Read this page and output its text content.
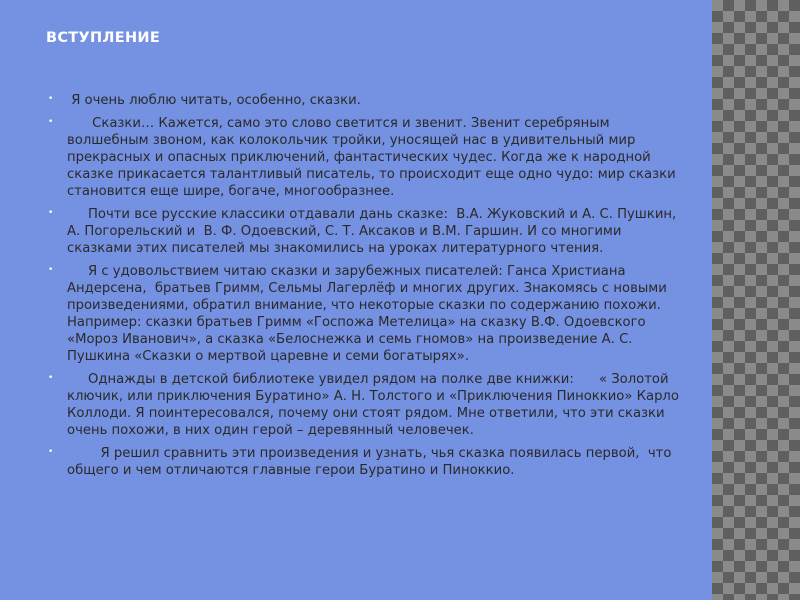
ВСТУПЛЕНИЕ
• Я очень люблю читать, особенно, сказки.
• Сказки… Кажется, само это слово светится и звенит. Звенит серебряным волшебным звоном, как колокольчик тройки, уносящей нас в удивительный мир прекрасных и опасных приключений, фантастических чудес. Когда же к народной сказке прикасается талантливый писатель, то происходит еще одно чудо: мир сказки становится еще шире, богаче, многообразнее.
• Почти все русские классики отдавали дань сказке:  В.А. Жуковский и А. С. Пушкин, А. Погорельский и  В. Ф. Одоевский, С. Т. Аксаков и В.М. Гаршин. И со многими сказками этих писателей мы знакомились на уроках литературного чтения.
• Я с удовольствием читаю сказки и зарубежных писателей: Ганса Христиана Андерсена,  братьев Гримм, Сельмы Лагерлёф и многих других. Знакомясь с новыми произведениями, обратил внимание, что некоторые сказки по содержанию похожи. Например: сказки братьев Гримм «Госпожа Метелица» на сказку В.Ф. Одоевского  «Мороз Иванович», а сказка «Белоснежка и семь гномов» на произведение А. С. Пушкина «Сказки о мертвой царевне и семи богатырях».
• Однажды в детской библиотеке увидел рядом на полке две книжки:      « Золотой ключик, или приключения Буратино» А. Н. Толстого и «Приключения Пиноккио» Карло Коллоди. Я поинтересовался, почему они стоят рядом. Мне ответили, что эти сказки очень похожи, в них один герой – деревянный человечек.
• Я решил сравнить эти произведения и узнать, чья сказка появилась первой,  что общего и чем отличаются главные герои Буратино и Пиноккио.
